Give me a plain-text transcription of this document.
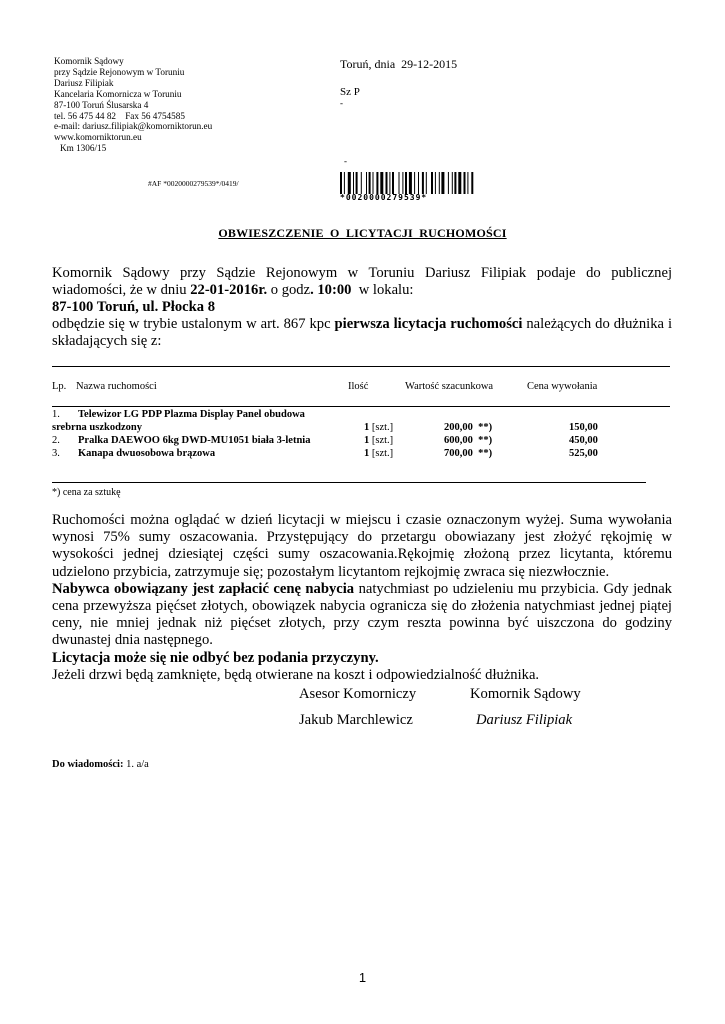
Komornik Sądowy
przy Sądzie Rejonowym w Toruniu
Dariusz Filipiak
Kancelaria Komornicza w Toruniu
87-100 Toruń Ślusarska 4
tel. 56 475 44 82    Fax 56 4754585
e-mail: dariusz.filipiak@komorniktorun.eu
www.komorniktorun.eu
Km 1306/15
Toruń, dnia  29-12-2015
Sz P
-
-
#AF *0020000279539*/0419/
*0020000279539*
OBWIESZCZENIE  O  LICYTACJI  RUCHOMOŚCI
Komornik Sądowy przy Sądzie Rejonowym w Toruniu Dariusz Filipiak podaje do publicznej
wiadomości, że w dniu 22-01-2016r. o godz. 10:00  w lokalu:
87-100 Toruń, ul. Płocka 8
odbędzie się w trybie ustalonym w art. 867 kpc pierwsza licytacja ruchomości należących do dłużnika i
składających się z:
Lp. Nazwa ruchomości	Ilość	Wartość szacunkowa	Cena wywołania
1. Telewizor LG PDP Plazma Display Panel obudowa
srebrna uszkodzony	1 [szt.]	200,00  **)	150,00
2. Pralka DAEWOO 6kg DWD-MU1051 biała 3-letnia	1 [szt.]	600,00  **)	450,00
3. Kanapa dwuosobowa brązowa	1 [szt.]	700,00  **)	525,00
*) cena za sztukę

Ruchomości można oglądać w dzień licytacji w miejscu i czasie oznaczonym wyżej. Suma wywołania wynosi 75% sumy oszacowania. Przystępujący do przetargu obowiazany jest złożyć rękojmię w wysokości jednej dziesiątej części sumy oszacowania.Rękojmię złożoną przez licytanta, któremu udzielono przybicia, zatrzymuje się; pozostałym licytantom rejkojmię zwraca się niezwłocznie.

Nabywca obowiązany jest zapłacić cenę nabycia natychmiast po udzieleniu mu przybicia. Gdy jednak cena przewyższa pięćset złotych, obowiązek nabycia ogranicza się do złożenia natychmiast jednej piątej ceny, nie mniej jednak niż pięćset złotych, przy czym reszta powinna być uiszczona do godziny dwunastej dnia następnego.

Licytacja może się nie odbyć bez podania przyczyny.

Jeżeli drzwi będą zamknięte, będą otwierane na koszt i odpowiedzialność dłużnika.

Asesor Komorniczy	Komornik Sądowy
Jakub Marchlewicz	Dariusz Filipiak
Do wiadomości: 1. a/a
1
